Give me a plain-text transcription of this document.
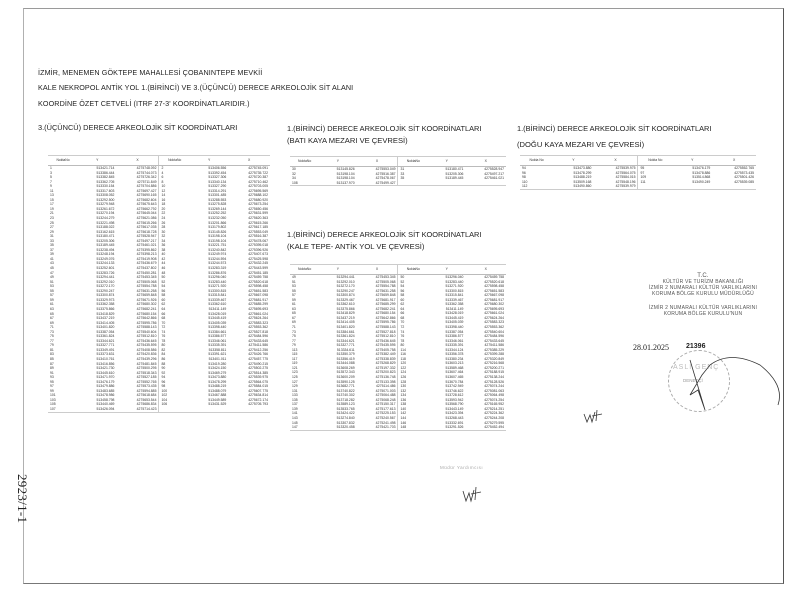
2923/1-1
İZMİR, MENEMEN GÖKTEPE MAHALLESİ ÇOBANINTEPE MEVKİİ
KALE NEKROPOL ANTİK YOL 1.(BİRİNCİ) VE 3.(ÜÇÜNCÜ) DERECE ARKEOLOJİK SİT ALANI
KOORDİNE ÖZET CETVELİ (ITRF 27-3' KOORDİNATLARIDIR.)
3.(ÜÇÜNCÜ) DERECE ARKEOLOJİK SİT KOORDİNATLARI	1.(BİRİNCİ) DERECE ARKEOLOJİK SİT KOORDİNATLARI
(BATI KAYA MEZARI VE ÇEVRESİ)
1.(BİRİNCİ) DERECE ARKEOLOJİK SİT KOORDİNATLARI
(DOĞU KAYA MEZARI VE ÇEVRESİ)
1.(BİRİNCİ) DERECE ARKEOLOJİK SİT KOORDİNATLARI
(KALE TEPE- ANTİK YOL VE ÇEVRESİ)
NoktaNo	Y	X	NoktaNo	Y	X
1	513421.714	4275748.092	2	513406.556	4275745.091
3	513386.444	4275744.073	4	513392.454	4275735.722
5	513382.845	4275726.342	6	513327.306	4275720.387
7	513362.705	4275711.849	8	513340.134	4275710.462
9	513330.154	4275704.886	10	513327.290	4275703.005
11	513317.603	4275697.427	12	513314.291	4275695.569
13	513308.052	4275690.165	14	513301.485	4275688.102
15	513292.500	4275682.604	16	513288.553	4275680.920
17	513279.948	4275675.643	18	513275.828	4275673.254
19	513261.672	4275662.792	20	513269.144	4275650.456
21	513270.194	4275645.044	22	513252.252	4275631.599
23	513244.279	4275621.086	24	513232.050	4275620.363
25	513221.498	4275615.266	26	513201.866	4275615.266
27	513188.022	4275617.035	28	513179.802	4275617.185
29	513162.615	4275618.728	30	513145.826	4275553.049
31	513180.471	4275528.947	32	513198.104	4275516.387
33	513205.306	4275497.217	34	513198.104	4275478.067
35	513189.445	4275461.021	36	513221.751	4275395.018
37	513238.494	4275395.862	38	513240.842	4275396.926
39	513248.194	4275398.213	40	513249.974	4275407.673
41	513249.076	4275419.908	42	513244.594	4275425.598
43	513244.133	4275436.679	44	513244.573	4275432.245
45	513252.601	4275437.802	46	513283.319	4275443.599
47	513283.726	4275450.281	48	513286.876	4275451.185
49	513294.441	4275453.345	50	513296.040	4275459.758
51	513292.010	4275505.068	52	513283.440	4275520.618
53	513272.170	4275554.788	54	513271.920	4275598.458
55	513290.247	4275631.258	56	513300.815	4275651.583
57	513300.874	4275659.848	58	513315.841	4275667.098
59	513329.973	4275671.926	60	513339.467	4275681.917
61	513362.358	4275680.302	62	513362.610	4275685.299
63	513375.866	4275682.241	64	513411.149	4275695.693
65	513418.829	4275680.154	66	513428.019	4275661.024
67	513437.219	4275642.866	68	513445.419	4275624.264
69	513414.405	4275595.786	70	513405.039	4275583.323
71	513401.820	4275588.143	72	513398.440	4275553.362
73	513387.054	4275540.604	74	513384.661	4275527.818
75	513361.824	4275512.810	76	513386.577	4275484.596
77	513344.621	4275436.645	78	513346.061	4275433.645
79	513327.771	4275435.595	80	513335.391	4275411.586
81	513349.491	4275408.586	82	513358.811	4275412.256
83	513373.631	4275420.836	84	513391.621	4275426.766
85	513410.761	4275439.296	86	513401.011	4275457.775
87	513416.856	4275481.845	88	513419.280	4275490.215
89	513421.730	4275500.295	90	513424.150	4275502.275
91	513445.610	4275518.343	92	513469.279	4275514.385
93	513471.970	4275527.185	94	513473.880	4275539.975
95	513476.179	4275552.765	96	513478.299	4275564.075
97	513479.886	4275573.435	98	513488.219	4275584.015
99	513483.685	4275594.885	100	513488.079	4275607.775
101	513478.986	4275618.684	102	513467.888	4275634.814
103	513458.798	4275653.544	104	513449.589	4275672.174
105	513440.469	4275686.834	106	513431.529	4275705.793
107	513426.094	4275714.423			
NoktaNo	Y	X	NoktaNo	Y	X
30	513145.826	4275553.049	31	513180.471	4275528.947
32	513198.104	4275516.387	33	513205.306	4275497.217
34	513198.104	4275478.067	35	513189.445	4275461.021
108	513137.970	4275499.427			
Nokta No	Y	X	Nokta No	Y	X
94	513473.880	4275539.975	95	513476.179	4275552.765
96	513478.299	4275564.075	97	513478.886	4275573.435
98	513488.219	4275584.015	109	513514.868	4275501.426
110	513509.168	4275548.196	111	513490.249	4275539.085
112	513490.860	4275539.979			
NoktaNo	Y	X	NoktaNo	Y	X
49	513294.441	4275453.345	50	513296.040	4275459.758
51	513292.010	4275505.068	52	513283.440	4275520.618
53	513272.170	4275554.788	54	513271.920	4275598.458
55	513290.247	4275631.258	56	513300.815	4275651.583
57	513300.874	4275659.848	58	513315.841	4275667.098
59	513329.467	4275681.917	60	513339.467	4275681.917
61	513362.610	4275685.299	62	513362.358	4275680.302
63	513375.866	4275682.241	64	513411.149	4275695.693
65	513418.829	4275680.154	66	513428.019	4275661.024
67	513437.219	4275642.866	68	513445.419	4275624.264
69	513414.405	4275595.786	70	513405.039	4275583.323
71	513401.820	4275588.143	72	513398.440	4275553.362
73	513384.661	4275527.818	74	513387.054	4275540.604
75	513361.824	4275512.810	76	513386.577	4275484.596
77	513344.621	4275436.645	78	513346.061	4275433.645
79	513327.771	4275435.595	80	513335.391	4275411.586
113	513334.611	4275405.758	114	513344.124	4275385.229
115	513350.379	4275382.449	116	513356.378	4275399.288
117	513356.419	4275338.839	118	513380.234	4275320.849
119	513444.088	4275268.829	120	513603.213	4275216.568
121	513608.269	4275197.332	122	513589.468	4275200.271
123	513572.343	4275200.823	124	513607.464	4275188.915
125	513600.209	4275136.748	126	513607.465	4275138.244
127	513590.125	4275133.398	128	513670.784	4275128.526
129	513682.771	4275114.486	130	513742.949	4275074.244
131	513740.822	4275071.003	132	513746.622	4275081.063
133	513740.302	4275064.488	134	513728.612	4275064.498
135	513718.282	4275068.248	136	513593.942	4275074.254
137	513589.123	4275150.317	138	513568.790	4275165.952
139	513533.765	4275177.613	140	513443.149	4275214.251
141	513424.422	4275225.153	142	513423.394	4275224.362
143	513274.840	4275240.567	144	513268.443	4275244.208
145	513307.832	4275241.498	146	513332.691	4275279.595
147	513320.458	4275421.703	148	513291.526	4275452.494
T.C.
KÜLTÜR VE TURİZM BAKANLIĞI
İZMİR 2 NUMARALI KÜLTÜR VARLIKLARINI
KORUMA BÖLGE KURULU MÜDÜRLÜĞÜ
İZMİR 2 NUMARALI KÜLTÜR VARLIKLARINI
KORUMA BÖLGE KURULU'NUN
28.01.2025 21396
ASLI GENÇ
DENETÇİ
Müdür Yardımcısı
